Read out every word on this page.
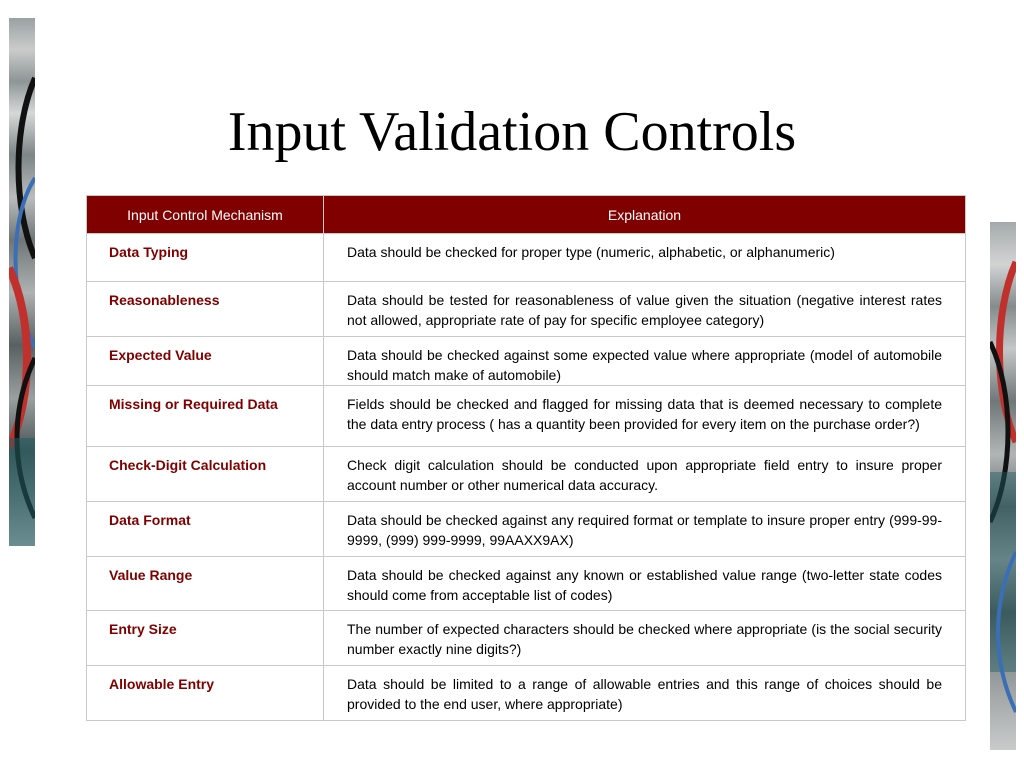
Input Validation Controls
Input Control Mechanism	Explanation
Data Typing	Data should be checked for proper type (numeric, alphabetic, or alphanumeric)
Reasonableness	Data should be tested for reasonableness of value given the situation (negative interest rates not allowed, appropriate rate of pay for specific employee category)
Expected Value	Data should be checked against some expected value where appropriate (model of automobile should match make of automobile)
Missing or Required Data	Fields should be checked and flagged for missing data that is deemed necessary to complete the data entry process ( has a quantity been provided for every item on the purchase order?)
Check-Digit Calculation	Check digit calculation should be conducted upon appropriate field entry to insure proper account number or other numerical data accuracy.
Data Format	Data should be checked against any required format or template to insure proper entry (999-99-9999, (999) 999-9999, 99AAXX9AX)
Value Range	Data should be checked against any known or established value range (two-letter state codes should come from acceptable list of codes)
Entry Size	The number of expected characters should be checked where appropriate (is the social security number exactly nine digits?)
Allowable Entry	Data should be limited to a range of allowable entries and this range of choices should be provided to the end user, where appropriate)
